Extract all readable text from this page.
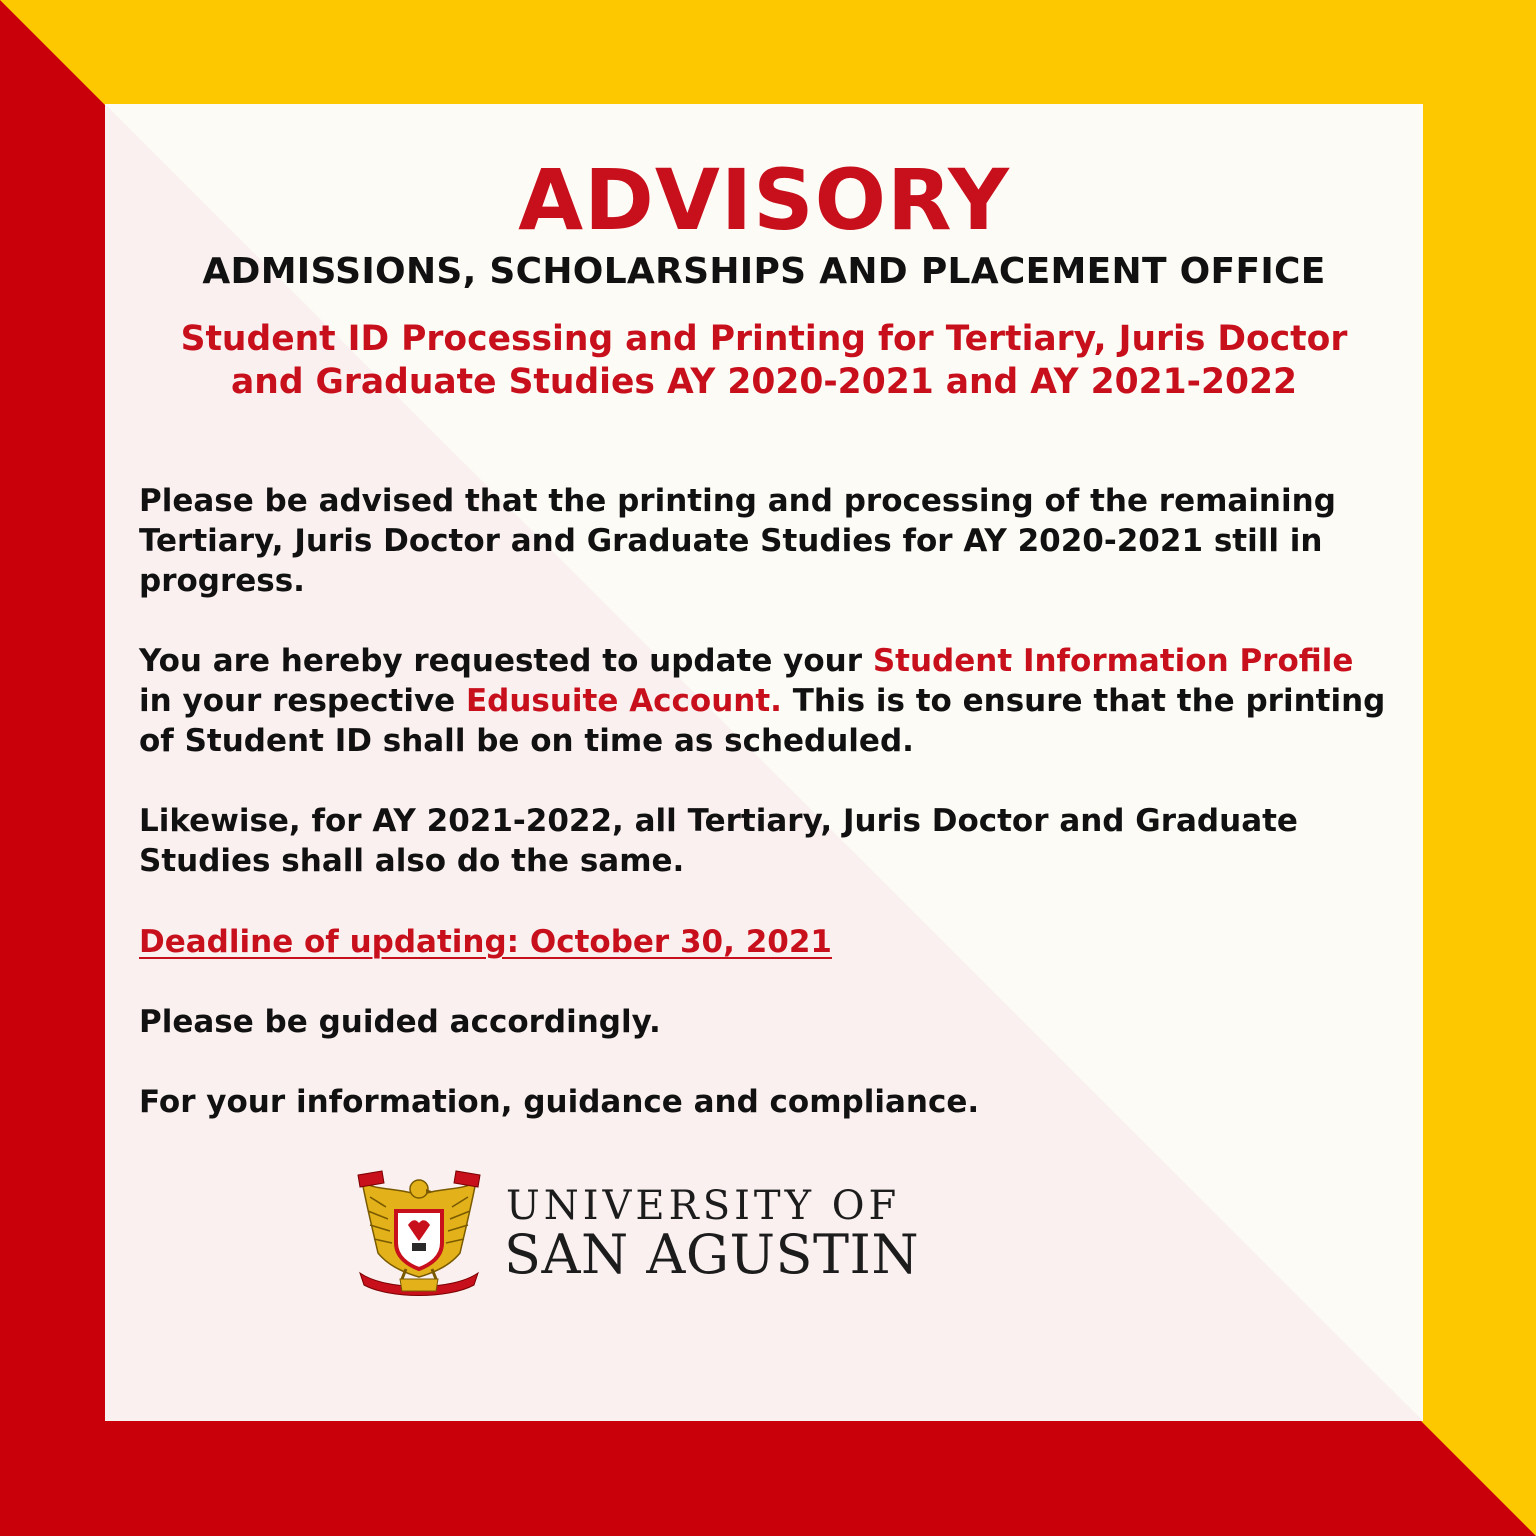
ADVISORY
ADMISSIONS, SCHOLARSHIPS AND PLACEMENT OFFICE
Student ID Processing and Printing for Tertiary, Juris Doctor
and Graduate Studies AY 2020-2021 and AY 2021-2022
Please be advised that the printing and processing of the remaining
Tertiary, Juris Doctor and Graduate Studies for AY 2020-2021 still in
progress.
You are hereby requested to update your Student Information Profile
in your respective Edusuite Account. This is to ensure that the printing
of Student ID shall be on time as scheduled.
Likewise, for AY 2021-2022, all Tertiary, Juris Doctor and Graduate
Studies shall also do the same.
Deadline of updating: October 30, 2021
Please be guided accordingly.
For your information, guidance and compliance.
UNIVERSITY OF
SAN AGUSTIN
